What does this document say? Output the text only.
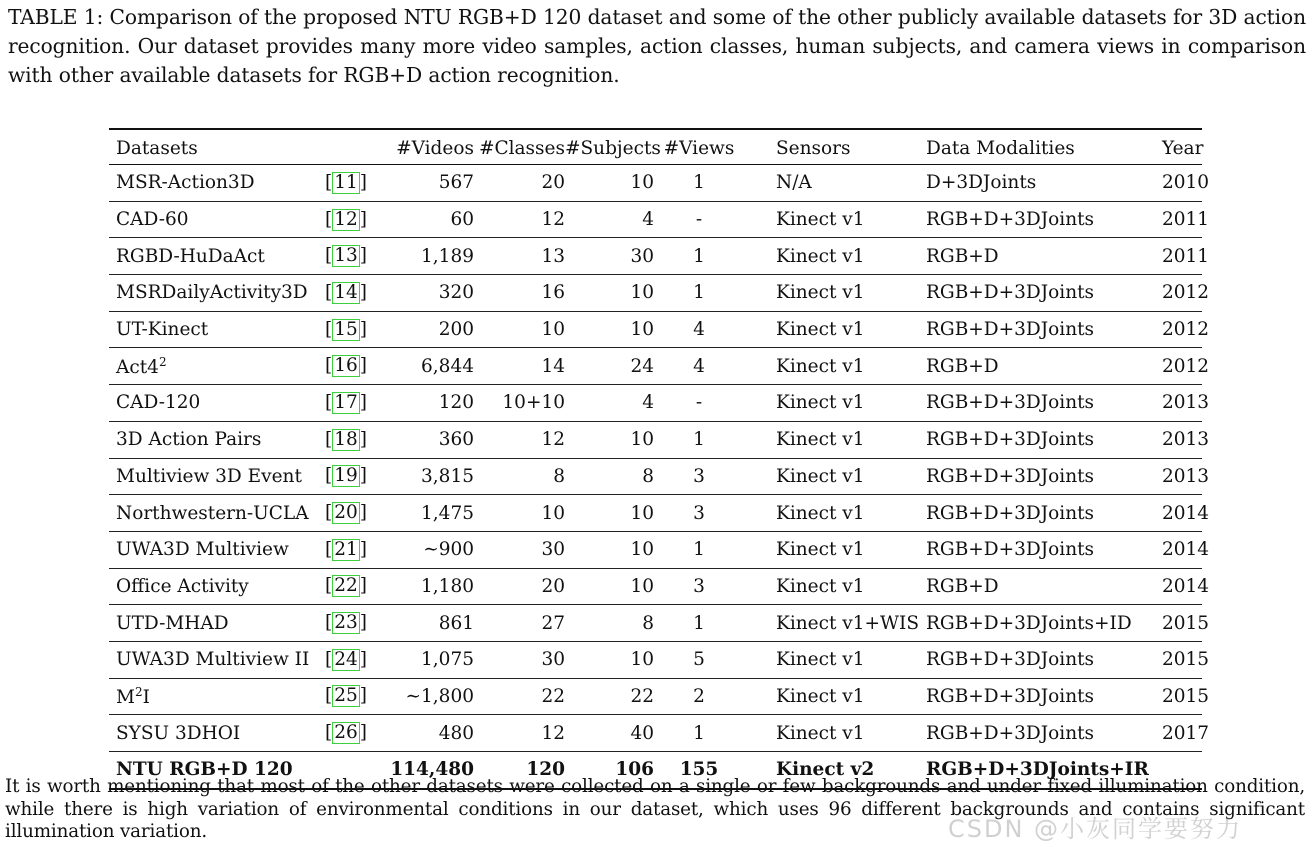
TABLE 1: Comparison of the proposed NTU RGB+D 120 dataset and some of the other publicly available datasets for 3D action recognition. Our dataset provides many more video samples, action classes, human subjects, and camera views in comparison with other available datasets for RGB+D action recognition.
Datasets		#Videos	#Classes	#Subjects	#Views	Sensors	Data Modalities	Year
MSR-Action3D	[ 11 ]	567	20	10	1	N/A	D+3DJoints	2010
CAD-60	[ 12 ]	60	12	4	-	Kinect v1	RGB+D+3DJoints	2011
RGBD-HuDaAct	[ 13 ]	1,189	13	30	1	Kinect v1	RGB+D	2011
MSRDailyActivity3D	[ 14 ]	320	16	10	1	Kinect v1	RGB+D+3DJoints	2012
UT-Kinect	[ 15 ]	200	10	10	4	Kinect v1	RGB+D+3DJoints	2012
$Act4^2$	[ 16 ]	6,844	14	24	4	Kinect v1	RGB+D	2012
CAD-120	[ 17 ]	120	10+10	4	-	Kinect v1	RGB+D+3DJoints	2013
3D Action Pairs	[ 18 ]	360	12	10	1	Kinect v1	RGB+D+3DJoints	2013
Multiview 3D Event	[ 19 ]	3,815	8	8	3	Kinect v1	RGB+D+3DJoints	2013
Northwestern-UCLA	[ 20 ]	1,475	10	10	3	Kinect v1	RGB+D+3DJoints	2014
UWA3D Multiview	[ 21 ]	∼900	30	10	1	Kinect v1	RGB+D+3DJoints	2014
Office Activity	[ 22 ]	1,180	20	10	3	Kinect v1	RGB+D	2014
UTD-MHAD	[ 23 ]	861	27	8	1	Kinect v1+WIS	RGB+D+3DJoints+ID	2015
UWA3D Multiview II	[ 24 ]	1,075	30	10	5	Kinect v1	RGB+D+3DJoints	2015
$M^2I$	[ 25 ]	∼1,800	22	22	2	Kinect v1	RGB+D+3DJoints	2015
SYSU 3DHOI	[ 26 ]	480	12	40	1	Kinect v1	RGB+D+3DJoints	2017
NTU RGB+D 120		114,480	120	106	155	Kinect v2	RGB+D+3DJoints+IR	
It is worth mentioning that most of the other datasets were collected on a single or few backgrounds and under fixed illumination condition, while there is high variation of environmental conditions in our dataset, which uses 96 different backgrounds and contains significant illumination variation.	CSDN @小灰同学要努力
